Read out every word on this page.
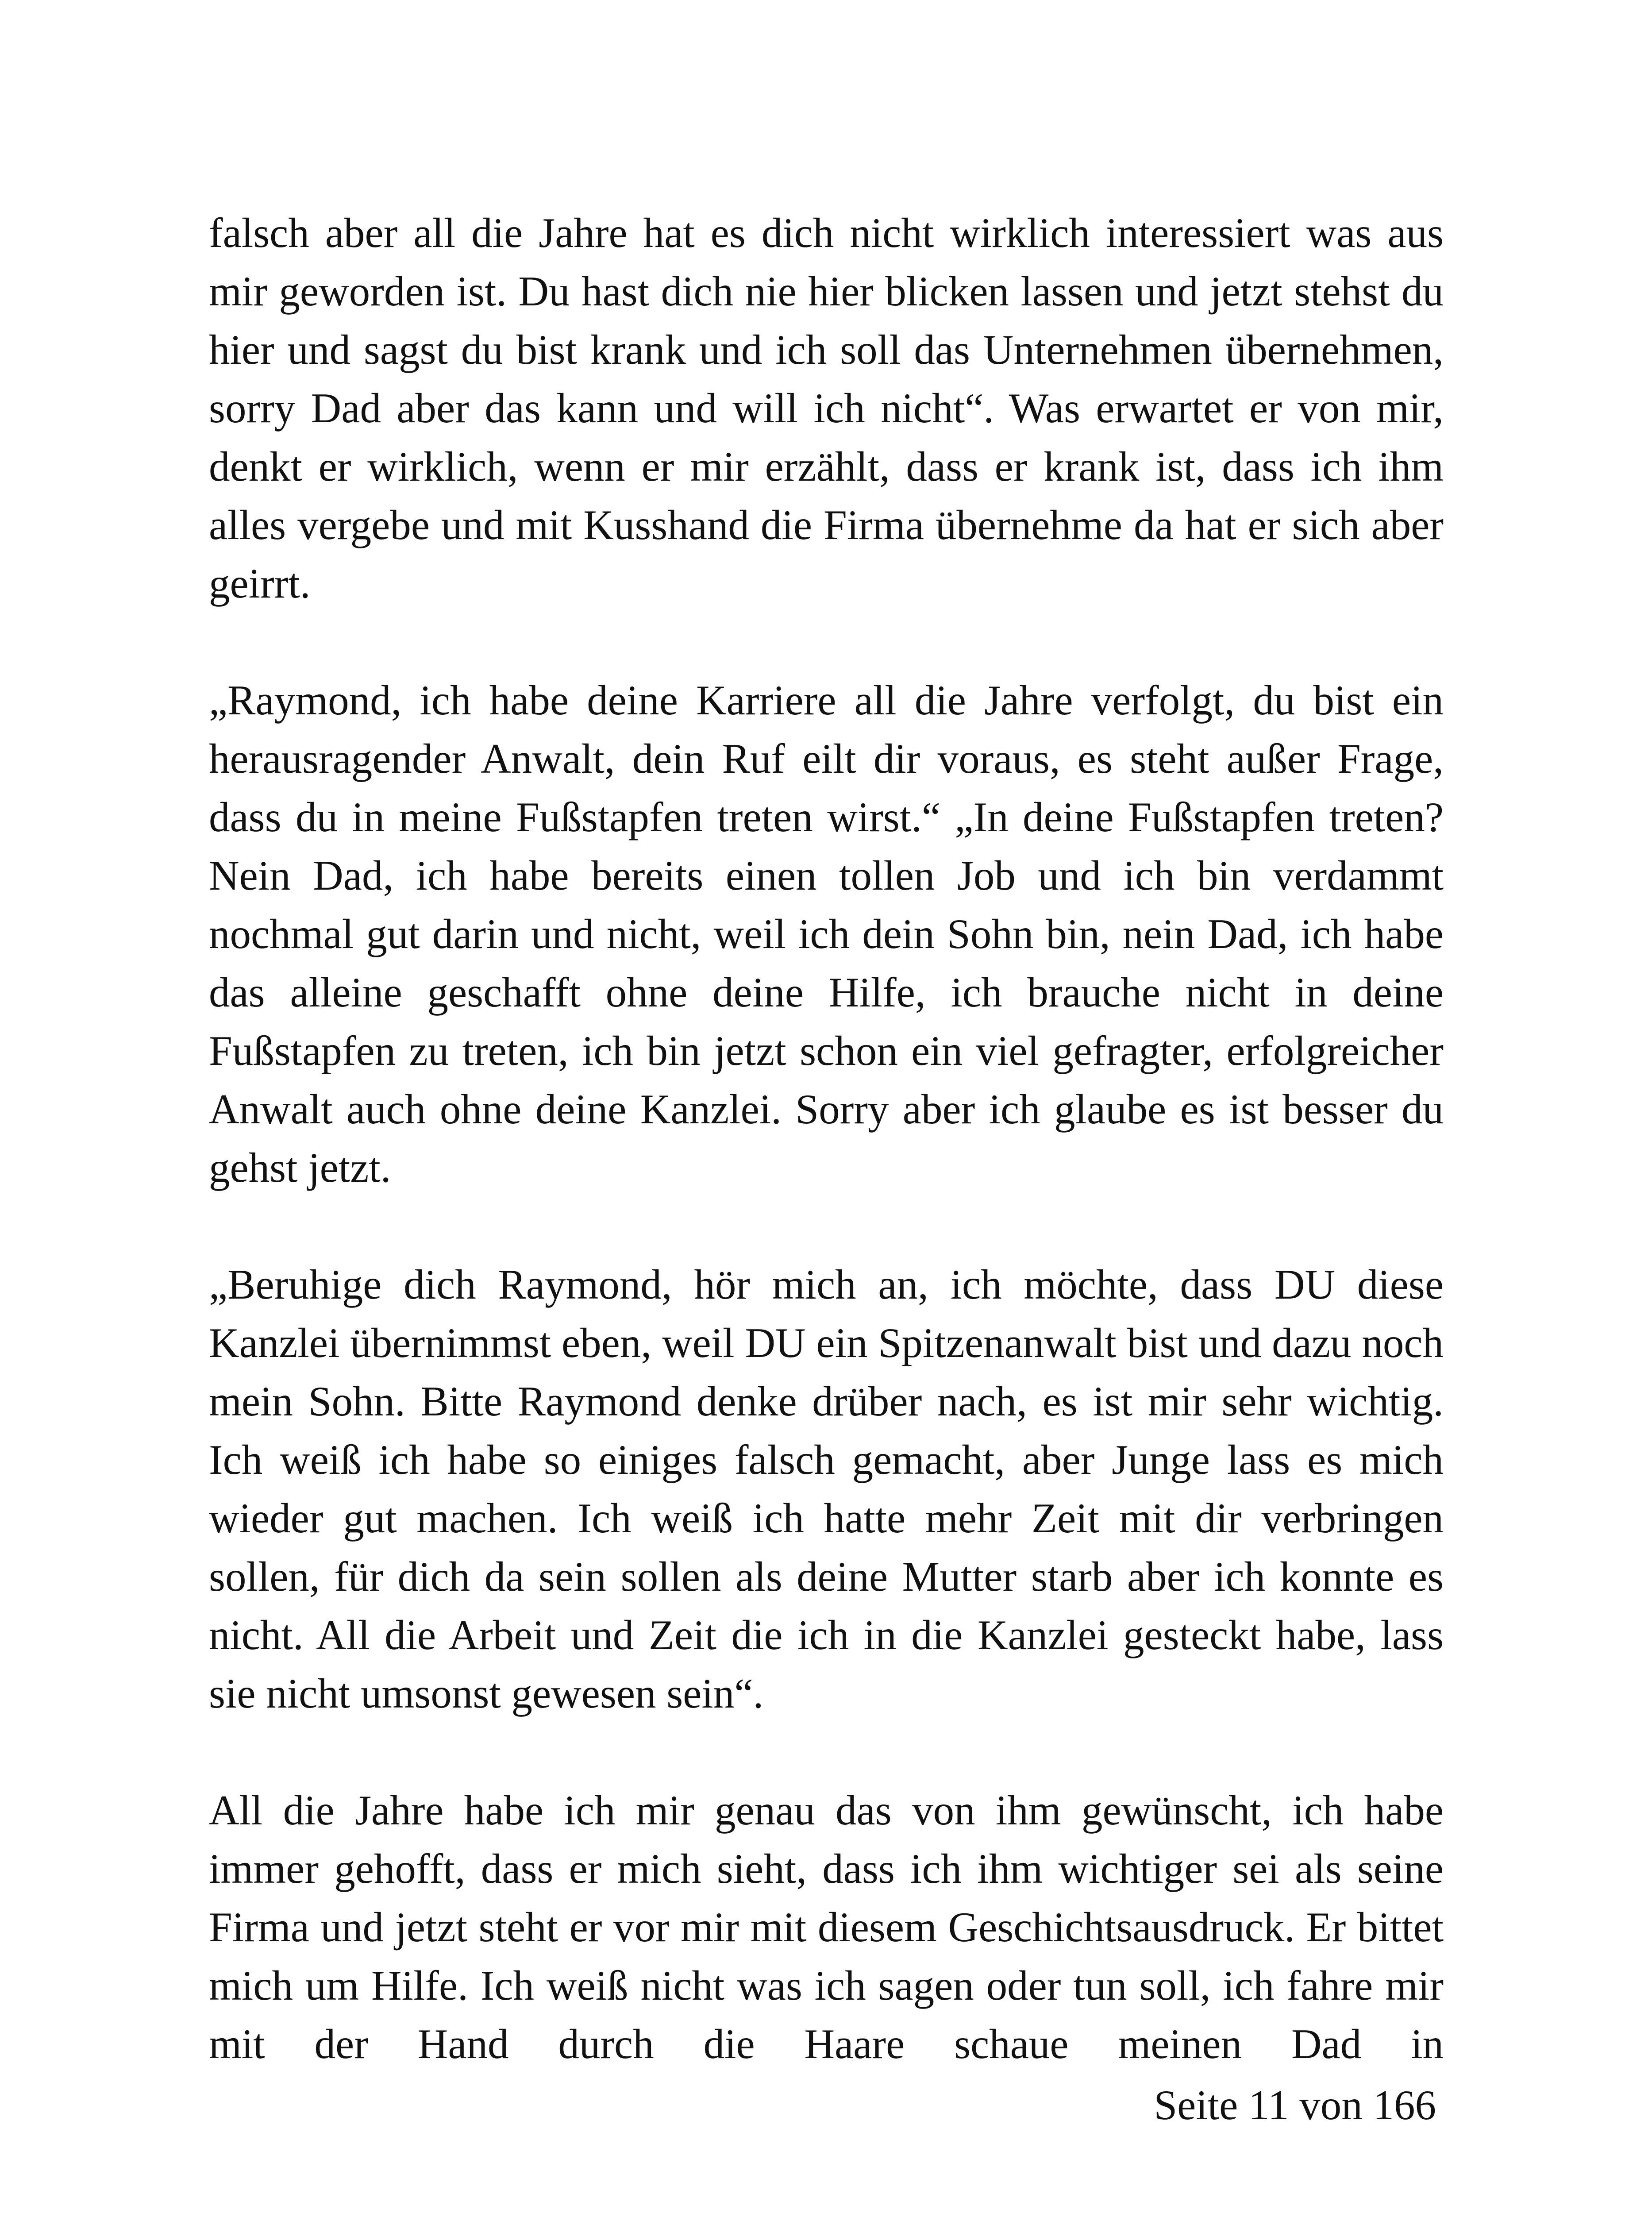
falsch aber all die Jahre hat es dich nicht wirklich interessiert was aus mir geworden ist. Du hast dich nie hier blicken lassen und jetzt stehst du hier und sagst du bist krank und ich soll das Unternehmen übernehmen, sorry Dad aber das kann und will ich nicht“. Was erwartet er von mir, denkt er wirklich, wenn er mir erzählt, dass er krank ist, dass ich ihm alles vergebe und mit Kusshand die Firma übernehme da hat er sich aber geirrt.

„Raymond, ich habe deine Karriere all die Jahre verfolgt, du bist ein herausragender Anwalt, dein Ruf eilt dir voraus, es steht außer Frage, dass du in meine Fußstapfen treten wirst.“ „In deine Fußstapfen treten? Nein Dad, ich habe bereits einen tollen Job und ich bin verdammt nochmal gut darin und nicht, weil ich dein Sohn bin, nein Dad, ich habe das alleine geschafft ohne deine Hilfe, ich brauche nicht in deine Fußstapfen zu treten, ich bin jetzt schon ein viel gefragter, erfolgreicher Anwalt auch ohne deine Kanzlei. Sorry aber ich glaube es ist besser du gehst jetzt.

„Beruhige dich Raymond, hör mich an, ich möchte, dass DU diese Kanzlei übernimmst eben, weil DU ein Spitzenanwalt bist und dazu noch mein Sohn. Bitte Raymond denke drüber nach, es ist mir sehr wichtig. Ich weiß ich habe so einiges falsch gemacht, aber Junge lass es mich wieder gut machen. Ich weiß ich hatte mehr Zeit mit dir verbringen sollen, für dich da sein sollen als deine Mutter starb aber ich konnte es nicht. All die Arbeit und Zeit die ich in die Kanzlei gesteckt habe, lass sie nicht umsonst gewesen sein“.

All die Jahre habe ich mir genau das von ihm gewünscht, ich habe immer gehofft, dass er mich sieht, dass ich ihm wichtiger sei als seine Firma und jetzt steht er vor mir mit diesem Geschichtsausdruck. Er bittet mich um Hilfe. Ich weiß nicht was ich sagen oder tun soll, ich fahre mir mit der Hand durch die Haare schaue meinen Dad in

Seite 11 von 166
